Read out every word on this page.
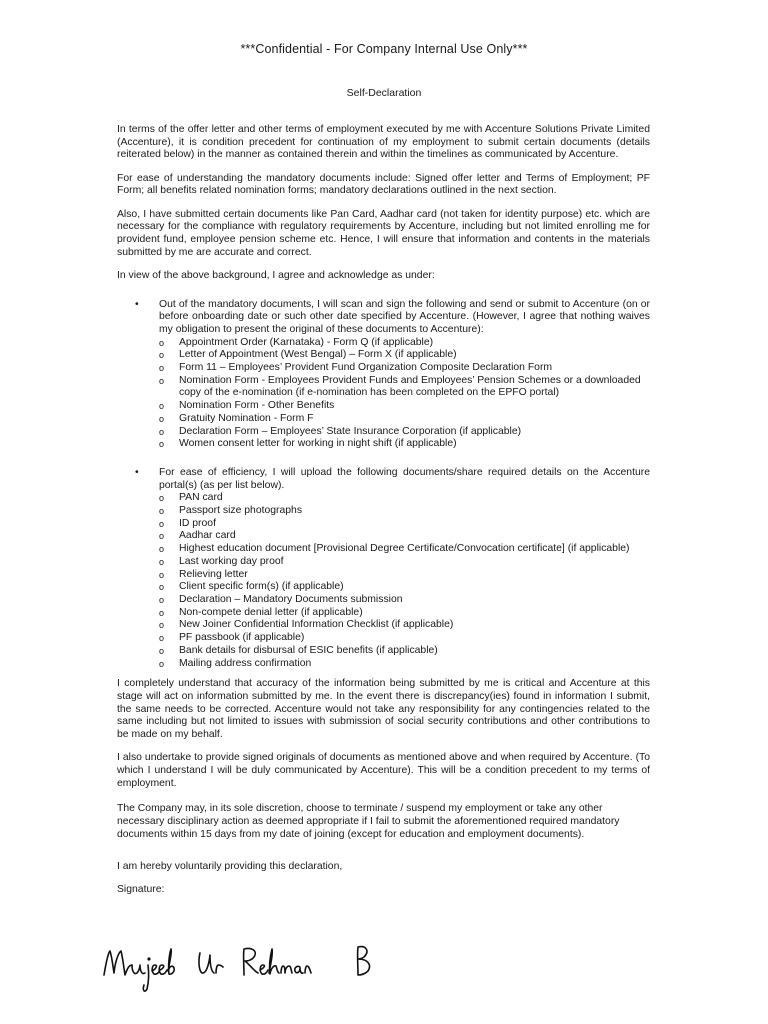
***Confidential - For Company Internal Use Only***
Self-Declaration

In terms of the offer letter and other terms of employment executed by me with Accenture Solutions Private Limited (Accenture), it is condition precedent for continuation of my employment to submit certain documents (details reiterated below) in the manner as contained therein and within the timelines as communicated by Accenture.

For ease of understanding the mandatory documents include: Signed offer letter and Terms of Employment; PF Form; all benefits related nomination forms; mandatory declarations outlined in the next section.

Also, I have submitted certain documents like Pan Card, Aadhar card (not taken for identity purpose) etc. which are necessary for the compliance with regulatory requirements by Accenture, including but not limited enrolling me for provident fund, employee pension scheme etc. Hence, I will ensure that information and contents in the materials submitted by me are accurate and correct.

In view of the above background, I agree and acknowledge as under:

• Out of the mandatory documents, I will scan and sign the following and send or submit to Accenture (on or before onboarding date or such other date specified by Accenture. (However, I agree that nothing waives my obligation to present the original of these documents to Accenture):
o Appointment Order (Karnataka) - Form Q (if applicable)
o Letter of Appointment (West Bengal) – Form X (if applicable)
o Form 11 – Employees’ Provident Fund Organization Composite Declaration Form
o Nomination Form - Employees Provident Funds and Employees’ Pension Schemes or a downloaded copy of the e-nomination (if e-nomination has been completed on the EPFO portal)
o Nomination Form - Other Benefits
o Gratuity Nomination - Form F
o Declaration Form – Employees’ State Insurance Corporation (if applicable)
o Women consent letter for working in night shift (if applicable)
• For ease of efficiency, I will upload the following documents/share required details on the Accenture portal(s) (as per list below).
o PAN card
o Passport size photographs
o ID proof
o Aadhar card
o Highest education document [Provisional Degree Certificate/Convocation certificate] (if applicable)
o Last working day proof
o Relieving letter
o Client specific form(s) (if applicable)
o Declaration – Mandatory Documents submission
o Non-compete denial letter (if applicable)
o New Joiner Confidential Information Checklist (if applicable)
o PF passbook (if applicable)
o Bank details for disbursal of ESIC benefits (if applicable)
o Mailing address confirmation

I completely understand that accuracy of the information being submitted by me is critical and Accenture at this stage will act on information submitted by me. In the event there is discrepancy(ies) found in information I submit, the same needs to be corrected. Accenture would not take any responsibility for any contingencies related to the same including but not limited to issues with submission of social security contributions and other contributions to be made on my behalf.

I also undertake to provide signed originals of documents as mentioned above and when required by Accenture. (To which I understand I will be duly communicated by Accenture). This will be a condition precedent to my terms of employment.

The Company may, in its sole discretion, choose to terminate / suspend my employment or take any other necessary disciplinary action as deemed appropriate if I fail to submit the aforementioned required mandatory documents within 15 days from my date of joining (except for education and employment documents).

I am hereby voluntarily providing this declaration,

Signature:
